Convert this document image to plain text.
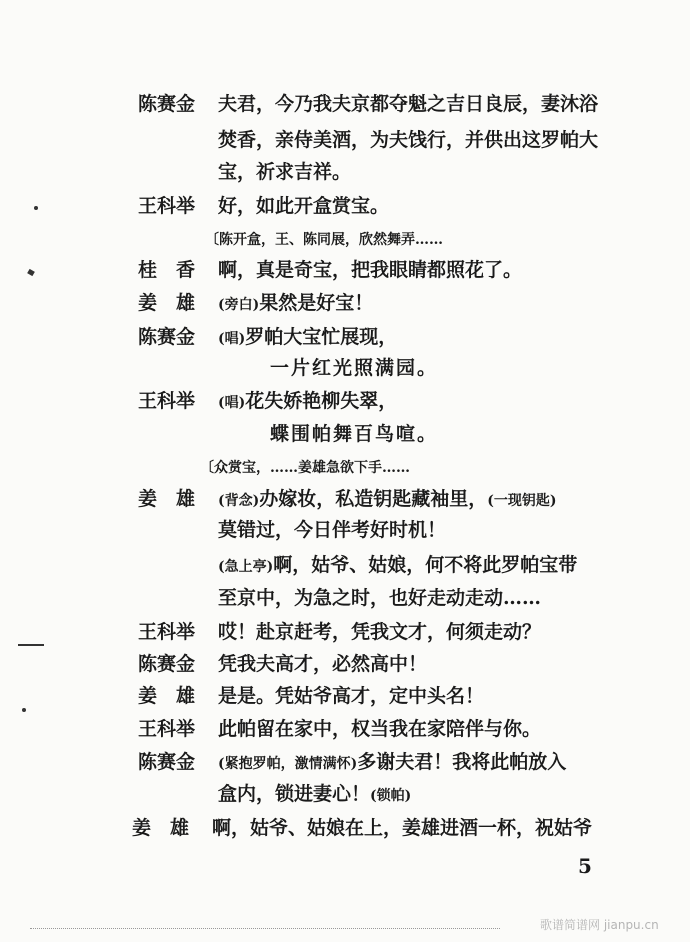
陈赛金	夫君，今乃我夫京都夺魁之吉日良辰，妻沐浴
焚香，亲侍美酒，为夫饯行，并供出这罗帕大
宝，祈求吉祥。
王科举	好，如此开盒赏宝。
〔陈开盒，王、陈同展，欣然舞弄……
桂　香	啊，真是奇宝，把我眼睛都照花了。
姜　雄	(旁白)果然是好宝！
陈赛金	(唱)罗帕大宝忙展现，
一片红光照满园。
王科举	(唱)花失娇艳柳失翠，
蝶围帕舞百鸟喧。
〔众赏宝，……姜雄急欲下手……
姜　雄	(背念)办嫁妆，私造钥匙藏袖里，(一现钥匙)
莫错过，今日伴考好时机！
(急上亭)啊，姑爷、姑娘，何不将此罗帕宝带
至京中，为急之时，也好走动走动……
王科举	哎！赴京赶考，凭我文才，何须走动？
陈赛金	凭我夫高才，必然高中！
姜　雄	是是。凭姑爷高才，定中头名！
王科举	此帕留在家中，权当我在家陪伴与你。
陈赛金	(紧抱罗帕，激情满怀)多谢夫君！我将此帕放入
盒内，锁进妻心！(锁帕)
姜　雄	啊，姑爷、姑娘在上，姜雄进酒一杯，祝姑爷
5
歌谱简谱网 jianpu.cn
